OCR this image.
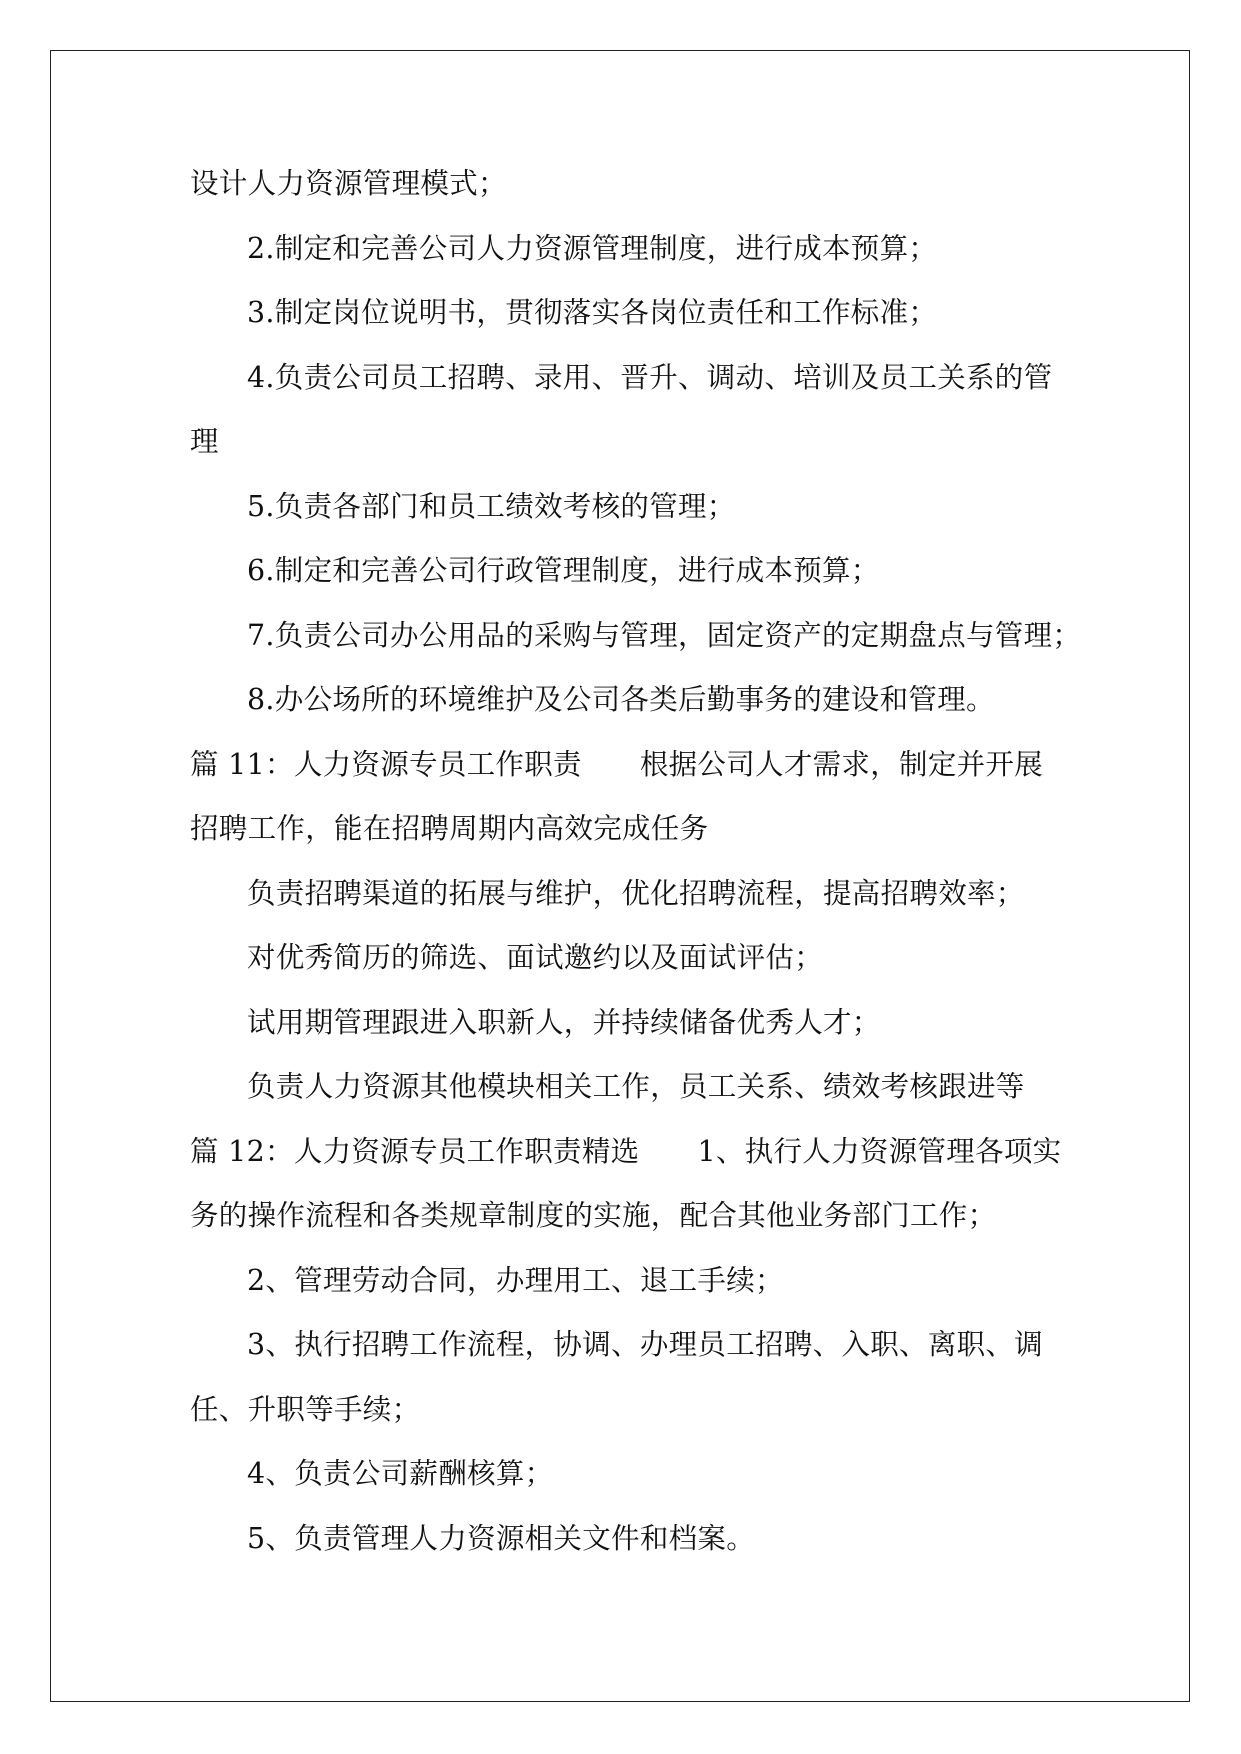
设计人力资源管理模式；
2.制定和完善公司人力资源管理制度，进行成本预算；
3.制定岗位说明书，贯彻落实各岗位责任和工作标准；
4.负责公司员工招聘、录用、晋升、调动、培训及员工关系的管
理
5.负责各部门和员工绩效考核的管理；
6.制定和完善公司行政管理制度，进行成本预算；
7.负责公司办公用品的采购与管理，固定资产的定期盘点与管理；
8.办公场所的环境维护及公司各类后勤事务的建设和管理。
篇 11：人力资源专员工作职责 根据公司人才需求，制定并开展
招聘工作，能在招聘周期内高效完成任务
负责招聘渠道的拓展与维护，优化招聘流程，提高招聘效率；
对优秀简历的筛选、面试邀约以及面试评估；
试用期管理跟进入职新人，并持续储备优秀人才；
负责人力资源其他模块相关工作，员工关系、绩效考核跟进等
篇 12：人力资源专员工作职责精选 1、执行人力资源管理各项实
务的操作流程和各类规章制度的实施，配合其他业务部门工作；
2、管理劳动合同，办理用工、退工手续；
3、执行招聘工作流程，协调、办理员工招聘、入职、离职、调
任、升职等手续；
4、负责公司薪酬核算；
5、负责管理人力资源相关文件和档案。
